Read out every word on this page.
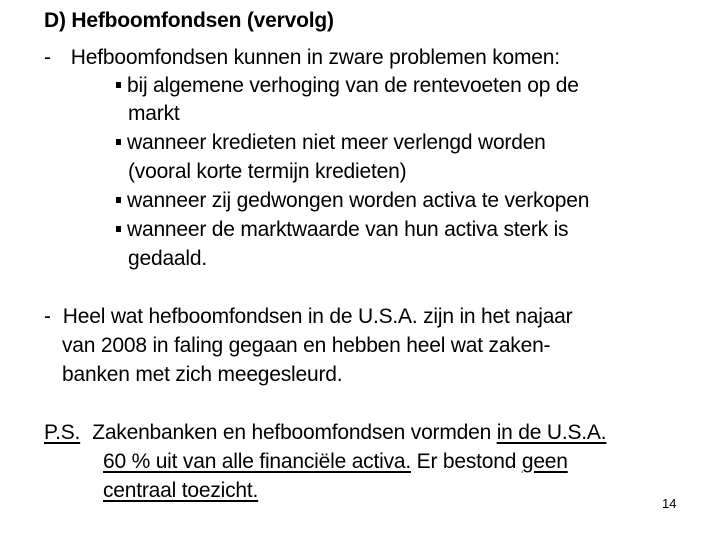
D) Hefboomfondsen (vervolg)
- Hefboomfondsen kunnen in zware problemen komen:
bij algemene verhoging van de rentevoeten op de
markt
wanneer kredieten niet meer verlengd worden
(vooral korte termijn kredieten)
wanneer zij gedwongen worden activa te verkopen
wanneer de marktwaarde van hun activa sterk is
gedaald.
- Heel wat hefboomfondsen in de U.S.A. zijn in het najaar
van 2008 in faling gegaan en hebben heel wat zaken-
banken met zich meegesleurd.
P.S. Zakenbanken en hefboomfondsen vormden in de U.S.A.
60 % uit van alle financiële activa. Er bestond geen
centraal toezicht.
14
